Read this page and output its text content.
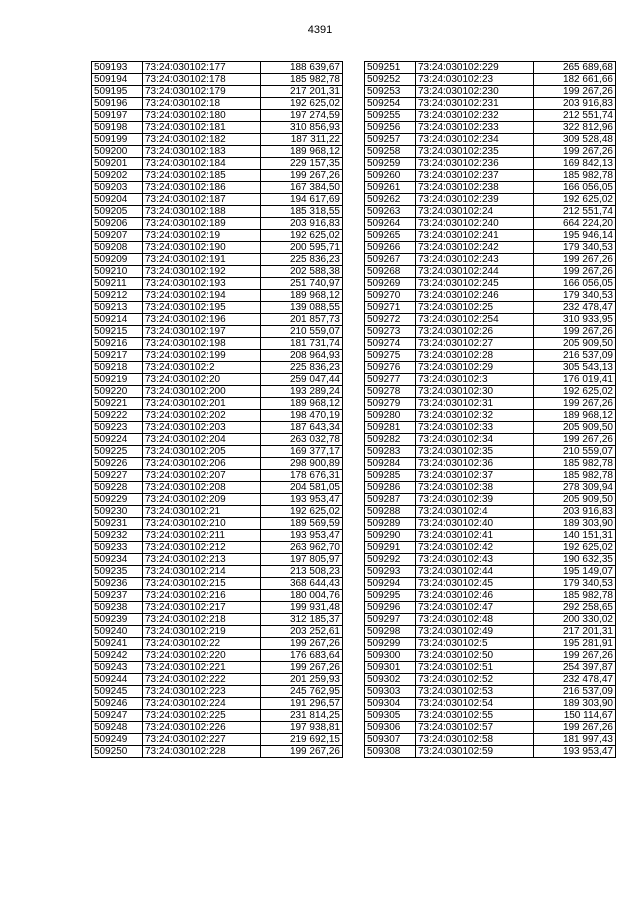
4391
509193	73:24:030102:177	188 639,67
509194	73:24:030102:178	185 982,78
509195	73:24:030102:179	217 201,31
509196	73:24:030102:18	192 625,02
509197	73:24:030102:180	197 274,59
509198	73:24:030102:181	310 856,93
509199	73:24:030102:182	187 311,22
509200	73:24:030102:183	189 968,12
509201	73:24:030102:184	229 157,35
509202	73:24:030102:185	199 267,26
509203	73:24:030102:186	167 384,50
509204	73:24:030102:187	194 617,69
509205	73:24:030102:188	185 318,55
509206	73:24:030102:189	203 916,83
509207	73:24:030102:19	192 625,02
509208	73:24:030102:190	200 595,71
509209	73:24:030102:191	225 836,23
509210	73:24:030102:192	202 588,38
509211	73:24:030102:193	251 740,97
509212	73:24:030102:194	189 968,12
509213	73:24:030102:195	139 088,55
509214	73:24:030102:196	201 857,73
509215	73:24:030102:197	210 559,07
509216	73:24:030102:198	181 731,74
509217	73:24:030102:199	208 964,93
509218	73:24:030102:2	225 836,23
509219	73:24:030102:20	259 047,44
509220	73:24:030102:200	193 289,24
509221	73:24:030102:201	189 968,12
509222	73:24:030102:202	198 470,19
509223	73:24:030102:203	187 643,34
509224	73:24:030102:204	263 032,78
509225	73:24:030102:205	169 377,17
509226	73:24:030102:206	298 900,89
509227	73:24:030102:207	178 676,31
509228	73:24:030102:208	204 581,05
509229	73:24:030102:209	193 953,47
509230	73:24:030102:21	192 625,02
509231	73:24:030102:210	189 569,59
509232	73:24:030102:211	193 953,47
509233	73:24:030102:212	263 962,70
509234	73:24:030102:213	197 805,97
509235	73:24:030102:214	213 508,23
509236	73:24:030102:215	368 644,43
509237	73:24:030102:216	180 004,76
509238	73:24:030102:217	199 931,48
509239	73:24:030102:218	312 185,37
509240	73:24:030102:219	203 252,61
509241	73:24:030102:22	199 267,26
509242	73:24:030102:220	176 683,64
509243	73:24:030102:221	199 267,26
509244	73:24:030102:222	201 259,93
509245	73:24:030102:223	245 762,95
509246	73:24:030102:224	191 296,57
509247	73:24:030102:225	231 814,25
509248	73:24:030102:226	197 938,81
509249	73:24:030102:227	219 692,15
509250	73:24:030102:228	199 267,26
509251	73:24:030102:229	265 689,68
509252	73:24:030102:23	182 661,66
509253	73:24:030102:230	199 267,26
509254	73:24:030102:231	203 916,83
509255	73:24:030102:232	212 551,74
509256	73:24:030102:233	322 812,96
509257	73:24:030102:234	309 528,48
509258	73:24:030102:235	199 267,26
509259	73:24:030102:236	169 842,13
509260	73:24:030102:237	185 982,78
509261	73:24:030102:238	166 056,05
509262	73:24:030102:239	192 625,02
509263	73:24:030102:24	212 551,74
509264	73:24:030102:240	664 224,20
509265	73:24:030102:241	195 946,14
509266	73:24:030102:242	179 340,53
509267	73:24:030102:243	199 267,26
509268	73:24:030102:244	199 267,26
509269	73:24:030102:245	166 056,05
509270	73:24:030102:246	179 340,53
509271	73:24:030102:25	232 478,47
509272	73:24:030102:254	310 933,95
509273	73:24:030102:26	199 267,26
509274	73:24:030102:27	205 909,50
509275	73:24:030102:28	216 537,09
509276	73:24:030102:29	305 543,13
509277	73:24:030102:3	176 019,41
509278	73:24:030102:30	192 625,02
509279	73:24:030102:31	199 267,26
509280	73:24:030102:32	189 968,12
509281	73:24:030102:33	205 909,50
509282	73:24:030102:34	199 267,26
509283	73:24:030102:35	210 559,07
509284	73:24:030102:36	185 982,78
509285	73:24:030102:37	185 982,78
509286	73:24:030102:38	278 309,94
509287	73:24:030102:39	205 909,50
509288	73:24:030102:4	203 916,83
509289	73:24:030102:40	189 303,90
509290	73:24:030102:41	140 151,31
509291	73:24:030102:42	192 625,02
509292	73:24:030102:43	190 632,35
509293	73:24:030102:44	195 149,07
509294	73:24:030102:45	179 340,53
509295	73:24:030102:46	185 982,78
509296	73:24:030102:47	292 258,65
509297	73:24:030102:48	200 330,02
509298	73:24:030102:49	217 201,31
509299	73:24:030102:5	195 281,91
509300	73:24:030102:50	199 267,26
509301	73:24:030102:51	254 397,87
509302	73:24:030102:52	232 478,47
509303	73:24:030102:53	216 537,09
509304	73:24:030102:54	189 303,90
509305	73:24:030102:55	150 114,67
509306	73:24:030102:57	199 267,26
509307	73:24:030102:58	181 997,43
509308	73:24:030102:59	193 953,47
